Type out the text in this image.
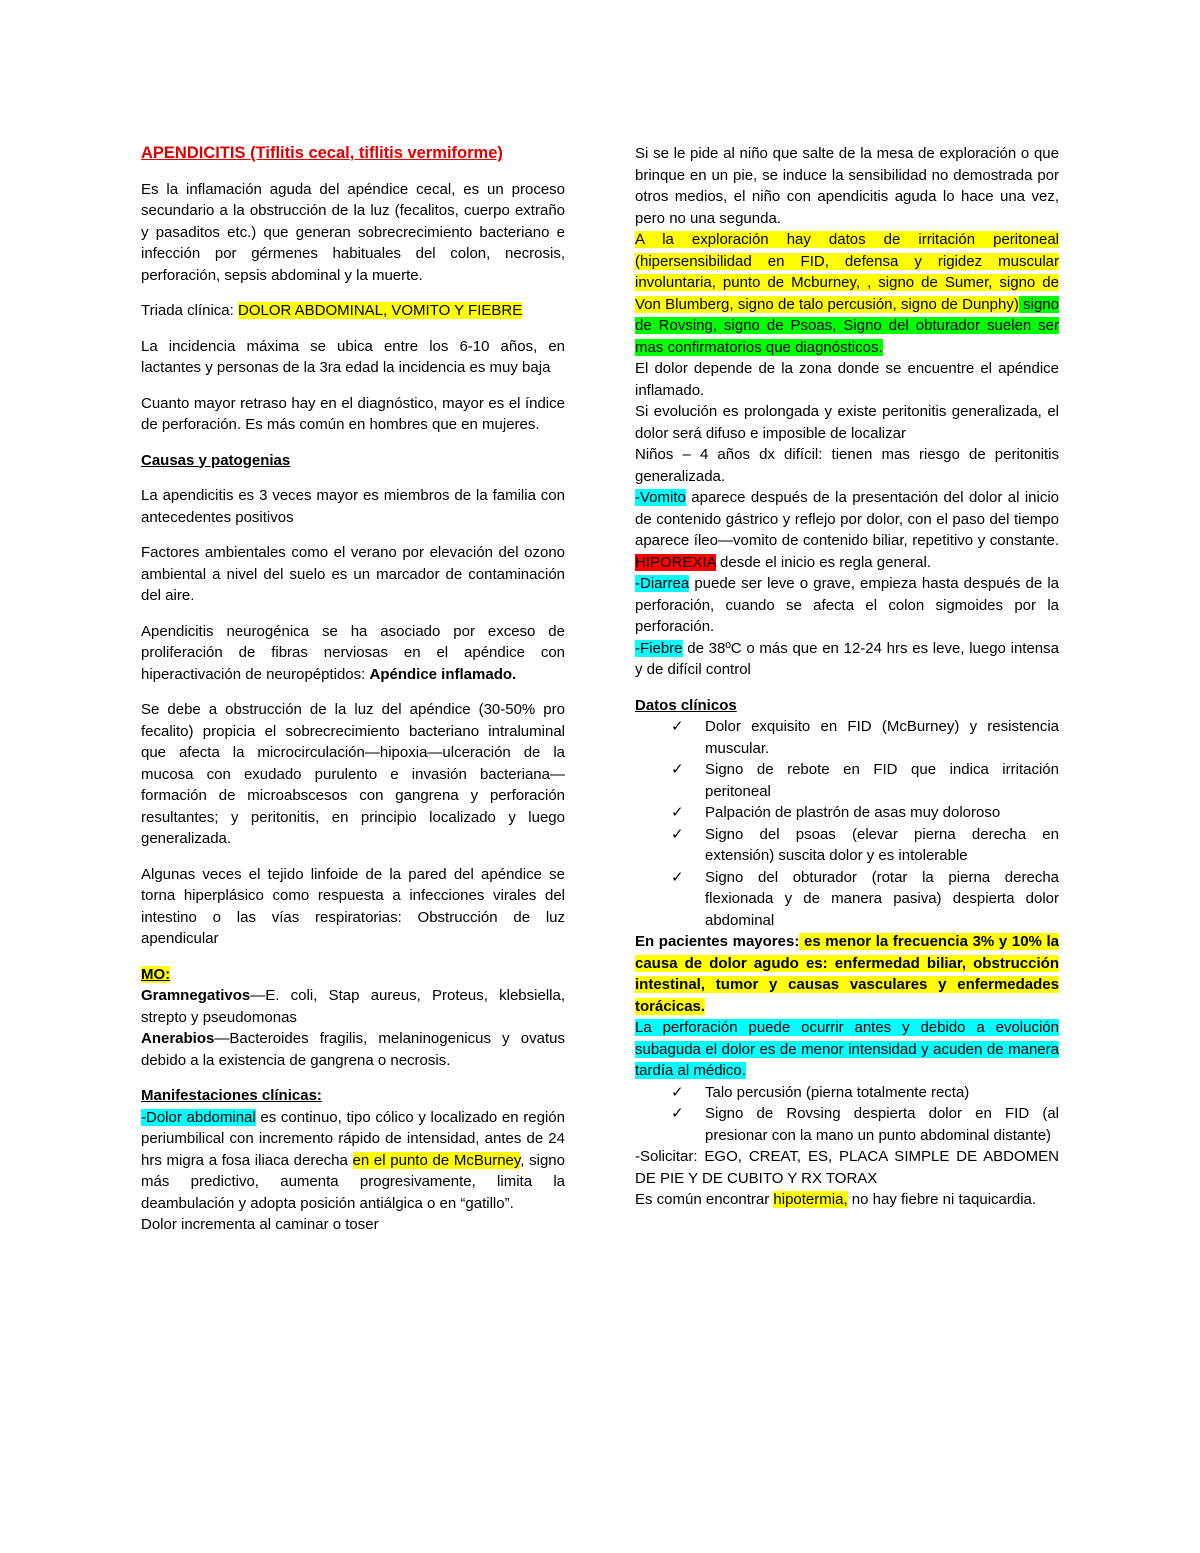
APENDICITIS (Tiflitis cecal, tiflitis vermiforme)

Es la inflamación aguda del apéndice cecal, es un proceso secundario a la obstrucción de la luz (fecalitos, cuerpo extraño y pasaditos etc.) que generan sobrecrecimiento bacteriano e infección por gérmenes habituales del colon, necrosis, perforación, sepsis abdominal y la muerte.

Triada clínica: DOLOR ABDOMINAL, VOMITO Y FIEBRE

La incidencia máxima se ubica entre los 6-10 años, en lactantes y personas de la 3ra edad la incidencia es muy baja

Cuanto mayor retraso hay en el diagnóstico, mayor es el índice de perforación. Es más común en hombres que en mujeres.

Causas y patogenias

La apendicitis es 3 veces mayor es miembros de la familia con antecedentes positivos

Factores ambientales como el verano por elevación del ozono ambiental a nivel del suelo es un marcador de contaminación del aire.

Apendicitis neurogénica se ha asociado por exceso de proliferación de fibras nerviosas en el apéndice con hiperactivación de neuropéptidos: Apéndice inflamado.

Se debe a obstrucción de la luz del apéndice (30-50% pro fecalito) propicia el sobrecrecimiento bacteriano intraluminal que afecta la microcirculación—hipoxia—ulceración de la mucosa con exudado purulento e invasión bacteriana—formación de microabscesos con gangrena y perforación resultantes; y peritonitis, en principio localizado y luego generalizada.

Algunas veces el tejido linfoide de la pared del apéndice se torna hiperplásico como respuesta a infecciones virales del intestino o las vías respiratorias: Obstrucción de luz apendicular

MO:

Gramnegativos—E. coli, Stap aureus, Proteus, klebsiella, strepto y pseudomonas

Anerabios—Bacteroides fragilis, melaninogenicus y ovatus debido a la existencia de gangrena o necrosis.

Manifestaciones clínicas:

-Dolor abdominal es continuo, tipo cólico y localizado en región periumbilical con incremento rápido de intensidad, antes de 24 hrs migra a fosa iliaca derecha en el punto de McBurney, signo más predictivo, aumenta progresivamente, limita la deambulación y adopta posición antiálgica o en “gatillo”.

Dolor incrementa al caminar o toser

Si se le pide al niño que salte de la mesa de exploración o que brinque en un pie, se induce la sensibilidad no demostrada por otros medios, el niño con apendicitis aguda lo hace una vez, pero no una segunda.

A la exploración hay datos de irritación peritoneal (hipersensibilidad en FID, defensa y rigidez muscular involuntaria, punto de Mcburney, , signo de Sumer, signo de Von Blumberg, signo de talo percusión, signo de Dunphy) signo de Rovsing, signo de Psoas, Signo del obturador suelen ser mas confirmatorios que diagnósticos.

El dolor depende de la zona donde se encuentre el apéndice inflamado.

Si evolución es prolongada y existe peritonitis generalizada, el dolor será difuso e imposible de localizar

Niños – 4 años dx difícil: tienen mas riesgo de peritonitis generalizada.

-Vomito aparece después de la presentación del dolor al inicio de contenido gástrico y reflejo por dolor, con el paso del tiempo aparece íleo—vomito de contenido biliar, repetitivo y constante. HIPOREXIA desde el inicio es regla general.

-Diarrea puede ser leve o grave, empieza hasta después de la perforación, cuando se afecta el colon sigmoides por la perforación.

-Fiebre de 38ºC o más que en 12-24 hrs es leve, luego intensa y de difícil control

Datos clínicos

✓ Dolor exquisito en FID (McBurney) y resistencia muscular.
✓ Signo de rebote en FID que indica irritación peritoneal
✓ Palpación de plastrón de asas muy doloroso
✓ Signo del psoas (elevar pierna derecha en extensión) suscita dolor y es intolerable
✓ Signo del obturador (rotar la pierna derecha flexionada y de manera pasiva) despierta dolor abdominal

En pacientes mayores: es menor la frecuencia 3% y 10% la causa de dolor agudo es: enfermedad biliar, obstrucción intestinal, tumor y causas vasculares y enfermedades torácicas.

La perforación puede ocurrir antes y debido a evolución subaguda el dolor es de menor intensidad y acuden de manera tardía al médico.

✓ Talo percusión (pierna totalmente recta)
✓ Signo de Rovsing despierta dolor en FID (al presionar con la mano un punto abdominal distante)

-Solicitar: EGO, CREAT, ES, PLACA SIMPLE DE ABDOMEN DE PIE Y DE CUBITO Y RX TORAX

Es común encontrar hipotermia, no hay fiebre ni taquicardia.
